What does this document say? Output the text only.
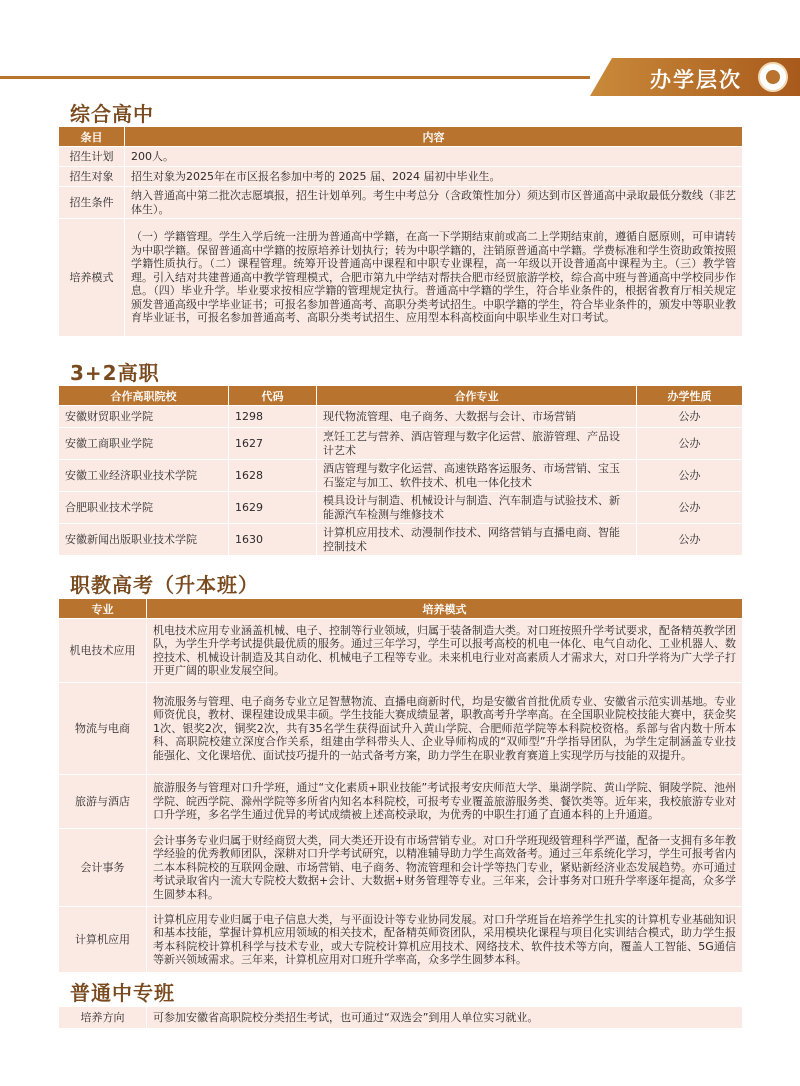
办学层次
综合高中
条目	内容
招生计划	200人。
招生对象	招生对象为2025年在市区报名参加中考的 2025 届、2024 届初中毕业生。
招生条件	纳入普通高中第二批次志愿填报，招生计划单列。考生中考总分（含政策性加分）须达到市区普通高中录取最低分数线（非艺体生）。
培养模式	（一）学籍管理。学生入学后统一注册为普通高中学籍，在高一下学期结束前或高二上学期结束前，遵循自愿原则，可申请转为中职学籍。保留普通高中学籍的按原培养计划执行；转为中职学籍的，注销原普通高中学籍。学费标准和学生资助政策按照学籍性质执行。（二）课程管理。统筹开设普通高中课程和中职专业课程，高一年级以开设普通高中课程为主。（三）教学管理。引入结对共建普通高中教学管理模式，合肥市第九中学结对帮扶合肥市经贸旅游学校，综合高中班与普通高中学校同步作息。（四）毕业升学。毕业要求按相应学籍的管理规定执行。普通高中学籍的学生，符合毕业条件的，根据省教育厅相关规定颁发普通高级中学毕业证书；可报名参加普通高考、高职分类考试招生。中职学籍的学生，符合毕业条件的，颁发中等职业教育毕业证书，可报名参加普通高考、高职分类考试招生、应用型本科高校面向中职毕业生对口考试。
3+2高职
合作高职院校	代码	合作专业	办学性质
安徽财贸职业学院	1298	现代物流管理、电子商务、大数据与会计、市场营销	公办
安徽工商职业学院	1627	烹饪工艺与营养、酒店管理与数字化运营、旅游管理、产品设计艺术	公办
安徽工业经济职业技术学院	1628	酒店管理与数字化运营、高速铁路客运服务、市场营销、宝玉石鉴定与加工、软件技术、机电一体化技术	公办
合肥职业技术学院	1629	模具设计与制造、机械设计与制造、汽车制造与试验技术、新能源汽车检测与维修技术	公办
安徽新闻出版职业技术学院	1630	计算机应用技术、动漫制作技术、网络营销与直播电商、智能控制技术	公办
职教高考（升本班）
专业	培养模式
机电技术应用	机电技术应用专业涵盖机械、电子、控制等行业领域，归属于装备制造大类。对口班按照升学考试要求，配备精英教学团队，为学生升学考试提供最优质的服务。通过三年学习，学生可以报考高校的机电一体化、电气自动化、工业机器人、数控技术、机械设计制造及其自动化、机械电子工程等专业。未来机电行业对高素质人才需求大，对口升学将为广大学子打开更广阔的职业发展空间。
物流与电商	物流服务与管理、电子商务专业立足智慧物流、直播电商新时代，均是安徽省首批优质专业、安徽省示范实训基地。专业师资优良，教材、课程建设成果丰硕。学生技能大赛成绩显著，职教高考升学率高。在全国职业院校技能大赛中，获金奖1次、银奖2次，铜奖2次，共有35名学生获得面试升入黄山学院、合肥师范学院等本科院校资格。系部与省内数十所本科、高职院校建立深度合作关系，组建由学科带头人、企业导师构成的“双师型”升学指导团队，为学生定制涵盖专业技能强化、文化课培优、面试技巧提升的一站式备考方案，助力学生在职业教育赛道上实现学历与技能的双提升。
旅游与酒店	旅游服务与管理对口升学班，通过“文化素质+职业技能”考试报考安庆师范大学、巢湖学院、黄山学院、铜陵学院、池州学院、皖西学院、滁州学院等多所省内知名本科院校，可报考专业覆盖旅游服务类、餐饮类等。近年来，我校旅游专业对口升学班，多名学生通过优异的考试成绩被上述高校录取，为优秀的中职生打通了直通本科的上升通道。
会计事务	会计事务专业归属于财经商贸大类，同大类还开设有市场营销专业。对口升学班现级管理科学严谨，配备一支拥有多年教学经验的优秀教师团队，深耕对口升学考试研究，以精准辅导助力学生高效备考。通过三年系统化学习，学生可报考省内二本本科院校的互联网金融、市场营销、电子商务、物流管理和会计学等热门专业，紧贴新经济业态发展趋势。亦可通过考试录取省内一流大专院校大数据+会计、大数据+财务管理等专业。三年来，会计事务对口班升学率逐年提高，众多学生圆梦本科。
计算机应用	计算机应用专业归属于电子信息大类，与平面设计等专业协同发展。对口升学班旨在培养学生扎实的计算机专业基础知识和基本技能，掌握计算机应用领域的相关技术，配备精英师资团队，采用模块化课程与项目化实训结合模式，助力学生报考本科院校计算机科学与技术专业，或大专院校计算机应用技术、网络技术、软件技术等方向，覆盖人工智能、5G通信等新兴领域需求。三年来，计算机应用对口班升学率高，众多学生圆梦本科。
普通中专班
培养方向	可参加安徽省高职院校分类招生考试，也可通过“双选会”到用人单位实习就业。
